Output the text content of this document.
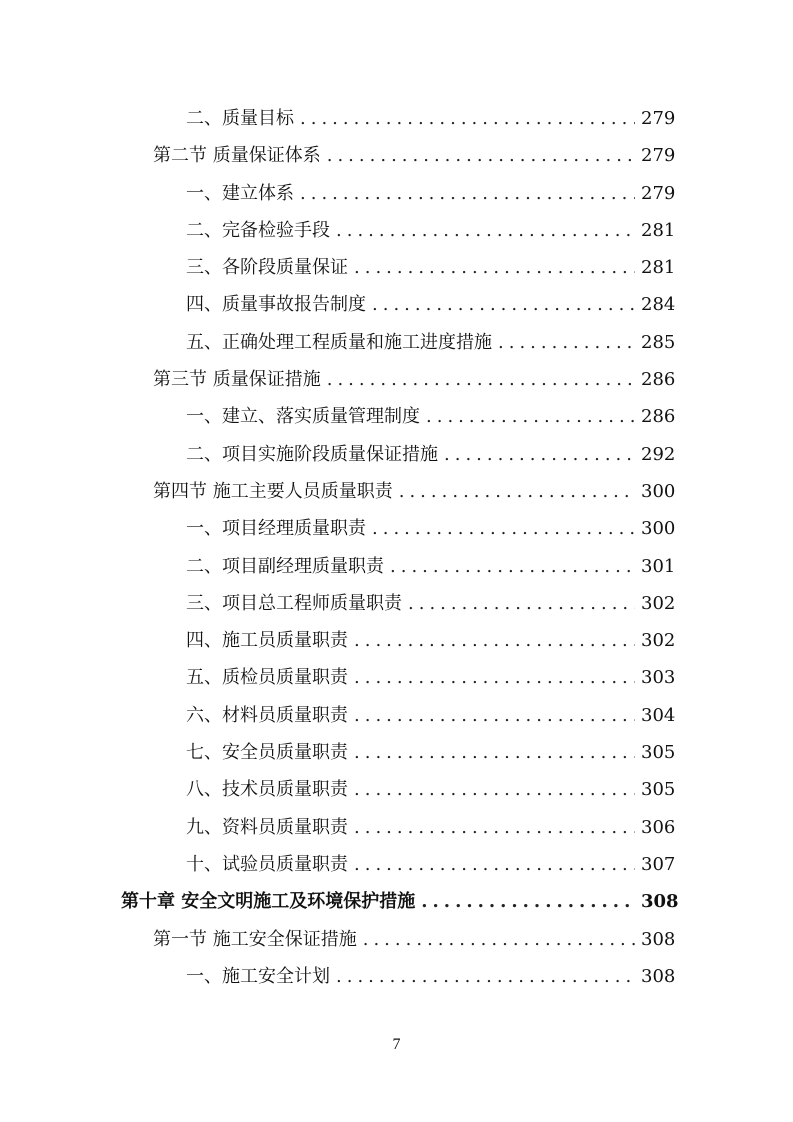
二、质量目标 .....	279
第二节 质量保证体系 .....	279
一、建立体系 .....	279
二、完备检验手段 .....	281
三、各阶段质量保证 .....	281
四、质量事故报告制度 .....	284
五、正确处理工程质量和施工进度措施 .....	285
第三节 质量保证措施 .....	286
一、建立、落实质量管理制度 .....	286
二、项目实施阶段质量保证措施 .....	292
第四节 施工主要人员质量职责 .....	300
一、项目经理质量职责 .....	300
二、项目副经理质量职责 .....	301
三、项目总工程师质量职责 .....	302
四、施工员质量职责 .....	302
五、质检员质量职责 .....	303
六、材料员质量职责 .....	304
七、安全员质量职责 .....	305
八、技术员质量职责 .....	305
九、资料员质量职责 .....	306
十、试验员质量职责 .....	307
第十章 安全文明施工及环境保护措施 .....	308
第一节 施工安全保证措施 .....	308
一、施工安全计划 .....	308
7
